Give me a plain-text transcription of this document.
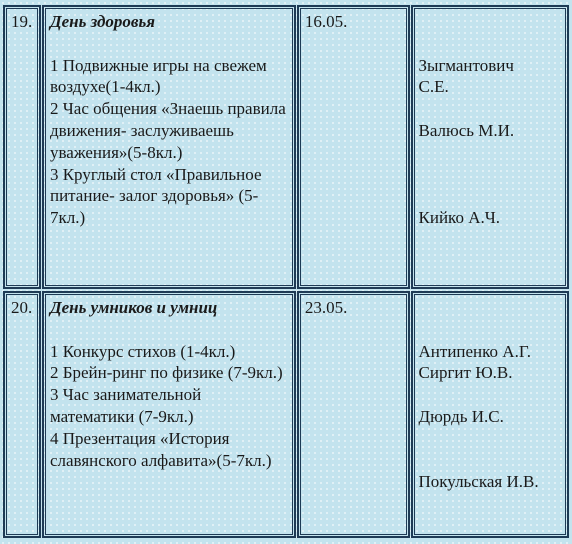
19.	День здоровья
1 Подвижные игры на свежем воздухе(1-4кл.)
2 Час общения «Знаешь правила движения- заслуживаешь уважения»(5-8кл.)
3 Круглый стол «Правильное питание- залог здоровья» (5-7кл.)	16.05.	Зыгмантович С.Е.
Валюсь М.И.
Кийко А.Ч.

20.	День умников и умниц
1 Конкурс стихов (1-4кл.)
2 Брейн-ринг по физике (7-9кл.)
3 Час занимательной математики (7-9кл.)
4 Презентация «История славянского алфавита»(5-7кл.)	23.05.	Антипенко А.Г.
Сиргит Ю.В.
Дюрдь И.С.
Покульская И.В.
